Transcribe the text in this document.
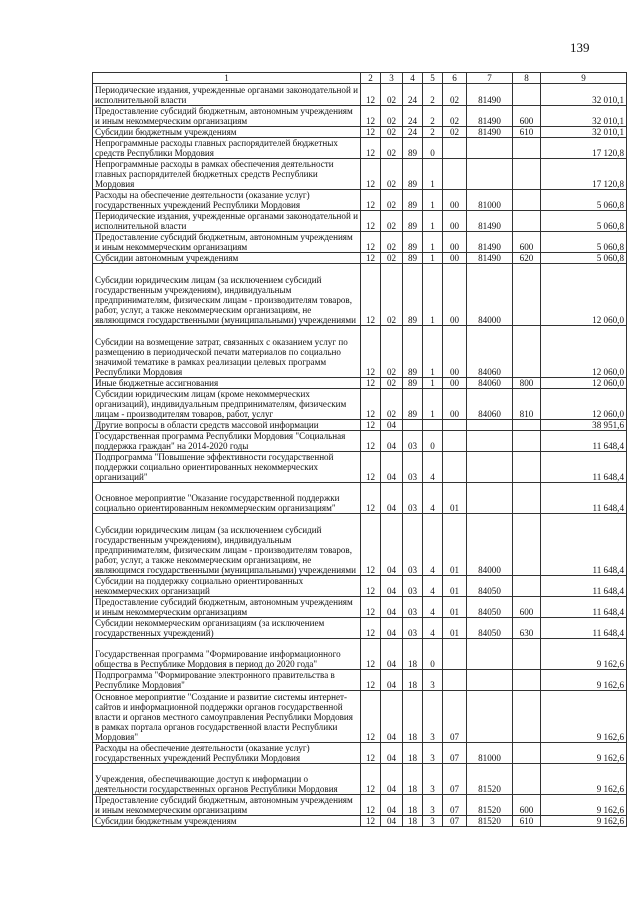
139
1	2	3	4	5	6	7	8	9
Периодические издания, учрежденные органами законодательной и исполнительной власти	12	02	24	2	02	81490		32 010,1
Предоставление субсидий бюджетным, автономным учреждениям и иным некоммерческим организациям	12	02	24	2	02	81490	600	32 010,1
Субсидии бюджетным учреждениям	12	02	24	2	02	81490	610	32 010,1
Непрограммные расходы главных распорядителей бюджетных средств Республики Мордовия	12	02	89	0				17 120,8
Непрограммные расходы в рамках обеспечения деятельности главных распорядителей бюджетных средств Республики Мордовия	12	02	89	1				17 120,8
Расходы на обеспечение деятельности (оказание услуг) государственных учреждений Республики Мордовия	12	02	89	1	00	81000		5 060,8
Периодические издания, учрежденные органами законодательной и исполнительной власти	12	02	89	1	00	81490		5 060,8
Предоставление субсидий бюджетным, автономным учреждениям и иным некоммерческим организациям	12	02	89	1	00	81490	600	5 060,8
Субсидии автономным учреждениям	12	02	89	1	00	81490	620	5 060,8
Субсидии юридическим лицам (за исключением субсидий государственным учреждениям), индивидуальным предпринимателям, физическим лицам - производителям товаров, работ, услуг, а также некоммерческим организациям, не являющимся государственными (муниципальными) учреждениями	12	02	89	1	00	84000		12 060,0
Субсидии на возмещение затрат, связанных с оказанием услуг по размещению в периодической печати материалов по социально значимой тематике в рамках реализации целевых программ Республики Мордовия	12	02	89	1	00	84060		12 060,0
Иные бюджетные ассигнования	12	02	89	1	00	84060	800	12 060,0
Субсидии юридическим лицам (кроме некоммерческих организаций), индивидуальным предпринимателям, физическим лицам - производителям товаров, работ, услуг	12	02	89	1	00	84060	810	12 060,0
Другие вопросы в области средств массовой информации	12	04						38 951,6
Государственная программа Республики Мордовия "Социальная поддержка граждан" на 2014-2020 годы	12	04	03	0				11 648,4
Подпрограмма "Повышение эффективности государственной поддержки социально ориентированных некоммерческих организаций"	12	04	03	4				11 648,4
Основное мероприятие "Оказание государственной поддержки социально ориентированным некоммерческим организациям"	12	04	03	4	01			11 648,4
Субсидии юридическим лицам (за исключением субсидий государственным учреждениям), индивидуальным предпринимателям, физическим лицам - производителям товаров, работ, услуг, а также некоммерческим организациям, не являющимся государственными (муниципальными) учреждениями	12	04	03	4	01	84000		11 648,4
Субсидии на поддержку социально ориентированных некоммерческих организаций	12	04	03	4	01	84050		11 648,4
Предоставление субсидий бюджетным, автономным учреждениям и иным некоммерческим организациям	12	04	03	4	01	84050	600	11 648,4
Субсидии некоммерческим организациям (за исключением государственных учреждений)	12	04	03	4	01	84050	630	11 648,4
Государственная программа "Формирование информационного общества в Республике Мордовия в период до 2020 года"	12	04	18	0				9 162,6
Подпрограмма "Формирование электронного правительства в Республике Мордовия"	12	04	18	3				9 162,6
Основное мероприятие "Создание и развитие системы интернет-сайтов и информационной поддержки органов государственной власти и органов местного самоуправления Республики Мордовия в рамках портала органов государственной власти Республики Мордовия"	12	04	18	3	07			9 162,6
Расходы на обеспечение деятельности (оказание услуг) государственных учреждений Республики Мордовия	12	04	18	3	07	81000		9 162,6
Учреждения, обеспечивающие доступ к информации о деятельности государственных органов Республики Мордовия	12	04	18	3	07	81520		9 162,6
Предоставление субсидий бюджетным, автономным учреждениям и иным некоммерческим организациям	12	04	18	3	07	81520	600	9 162,6
Субсидии бюджетным учреждениям	12	04	18	3	07	81520	610	9 162,6
